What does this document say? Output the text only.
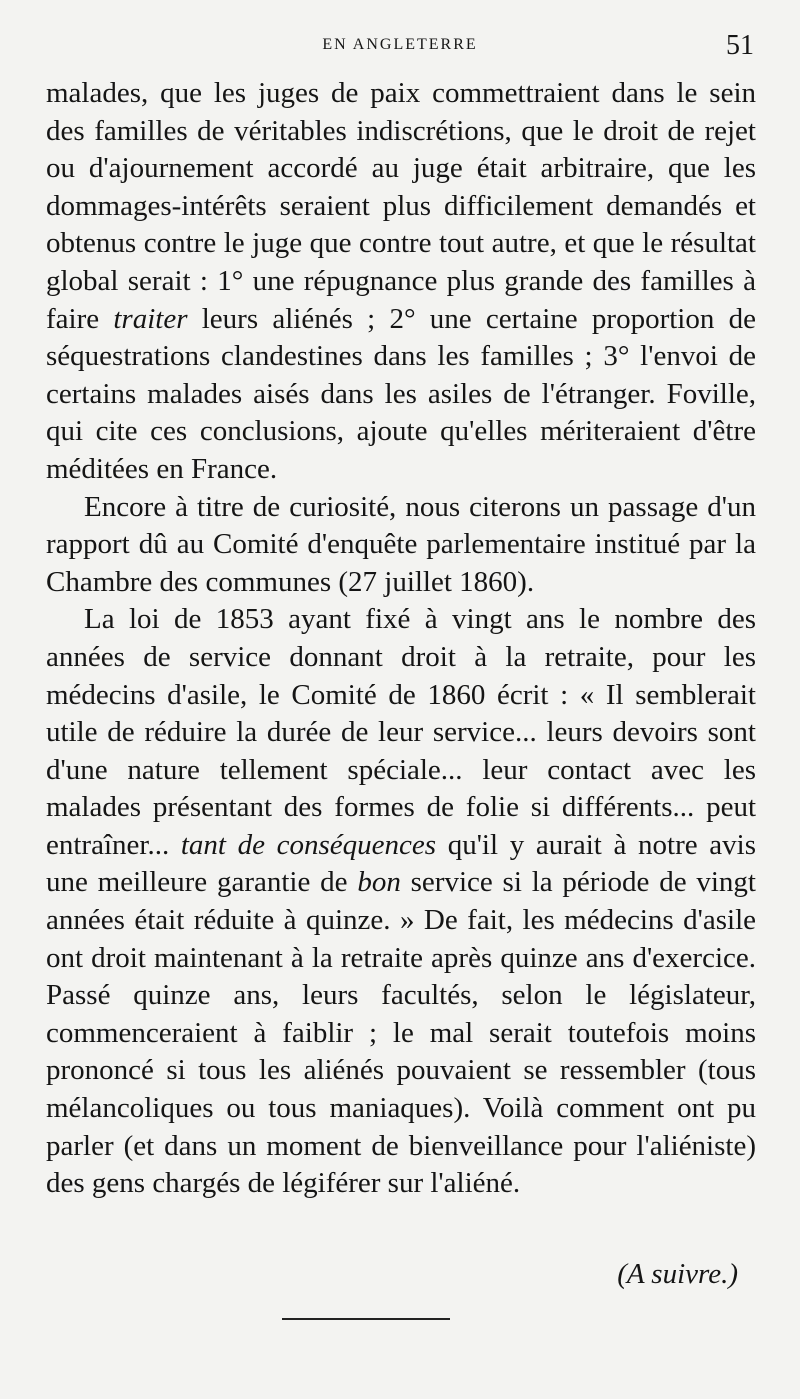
EN ANGLETERRE	51

malades, que les juges de paix commettraient dans le sein des familles de véritables indiscrétions, que le droit de rejet ou d'ajournement accordé au juge était arbitraire, que les dommages-intérêts seraient plus difficilement demandés et obtenus contre le juge que contre tout autre, et que le résultat global serait : 1° une répugnance plus grande des familles à faire traiter leurs aliénés ; 2° une certaine proportion de séquestrations clandestines dans les familles ; 3° l'envoi de certains malades aisés dans les asiles de l'étranger. Foville, qui cite ces conclusions, ajoute qu'elles mériteraient d'être méditées en France.

Encore à titre de curiosité, nous citerons un passage d'un rapport dû au Comité d'enquête parlementaire institué par la Chambre des communes (27 juillet 1860).

La loi de 1853 ayant fixé à vingt ans le nombre des années de service donnant droit à la retraite, pour les médecins d'asile, le Comité de 1860 écrit : « Il semblerait utile de réduire la durée de leur service... leurs devoirs sont d'une nature tellement spéciale... leur contact avec les malades présentant des formes de folie si différents... peut entraîner... tant de conséquences qu'il y aurait à notre avis une meilleure garantie de bon service si la période de vingt années était réduite à quinze. » De fait, les médecins d'asile ont droit maintenant à la retraite après quinze ans d'exercice. Passé quinze ans, leurs facultés, selon le législateur, commenceraient à faiblir ; le mal serait toutefois moins prononcé si tous les aliénés pouvaient se ressembler (tous mélancoliques ou tous maniaques). Voilà comment ont pu parler (et dans un moment de bienveillance pour l'aliéniste) des gens chargés de légiférer sur l'aliéné.

(A suivre.)
